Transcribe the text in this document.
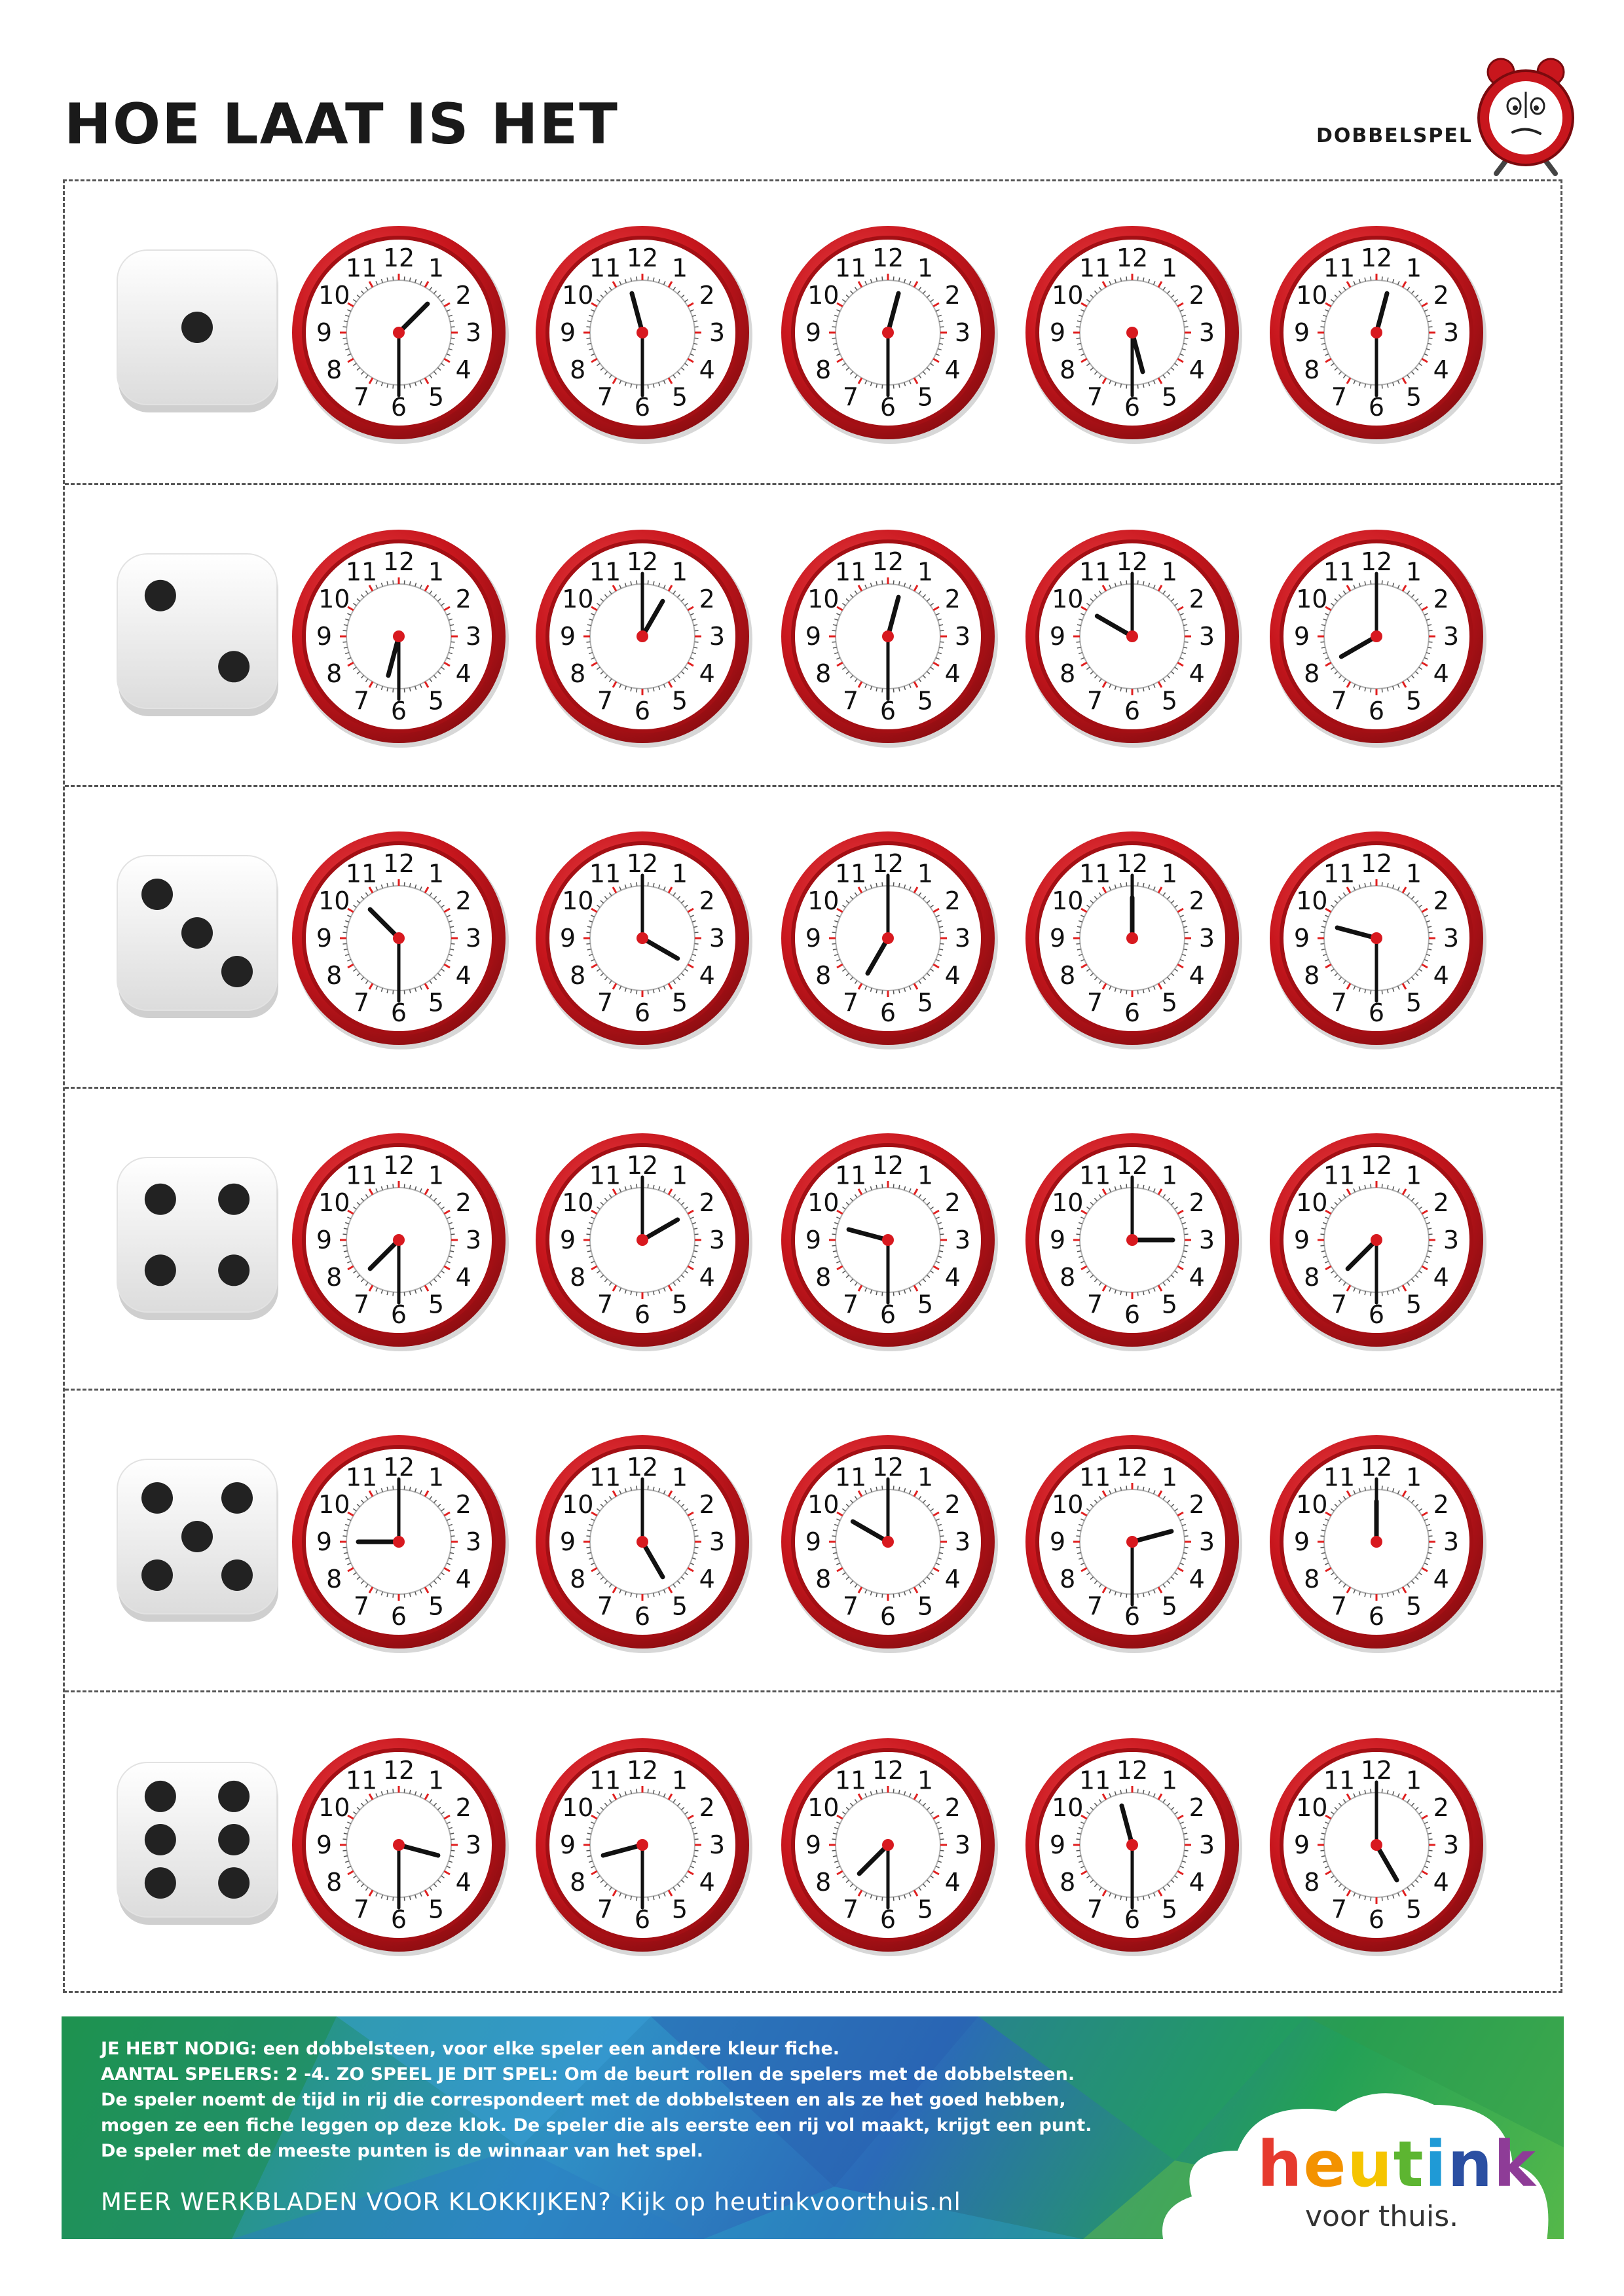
HOE LAAT IS HET	DOBBELSPEL
12 1
2
3
4
5
6
7
8
9
10
11	12 1
2
3
4
5
6
7
8
9
10
11	12 1
2
3
4
5
6
7
8
9
10
11	12 1
2
3
4
5
6
7
8
9
10
11	12 1
2
3
4
5
6
7
8
9
10
11
12 1
2
3
4
5
6
7
8
9
10
11	12 1
2
3
4
5
6
7
8
9
10
11	12 1
2
3
4
5
6
7
8
9
10
11	12 1
2
3
4
5
6
7
8
9
10
11	12 1
2
3
4
5
6
7
8
9
10
11
12 1
2
3
4
5
6
7
8
9
10
11	12 1
2
3
4
5
6
7
8
9
10
11	12 1
2
3
4
5
6
7
8
9
10
11	12 1
2
3
4
5
6
7
8
9
10
11	12 1
2
3
4
5
6
7
8
9
10
11
12 1
2
3
4
5
6
7
8
9
10
11	12 1
2
3
4
5
6
7
8
9
10
11	12 1
2
3
4
5
6
7
8
9
10
11	12 1
2
3
4
5
6
7
8
9
10
11	12 1
2
3
4
5
6
7
8
9
10
11
12 1
2
3
4
5
6
7
8
9
10
11	12 1
2
3
4
5
6
7
8
9
10
11	12 1
2
3
4
5
6
7
8
9
10
11	12 1
2
3
4
5
6
7
8
9
10
11	12 1
2
3
4
5
6
7
8
9
10
11
12 1
2
3
4
5
6
7
8
9
10
11	12 1
2
3
4
5
6
7
8
9
10
11	12 1
2
3
4
5
6
7
8
9
10
11	12 1
2
3
4
5
6
7
8
9
10
11	12 1
2
3
4
5
6
7
8
9
10
11

JE HEBT NODIG: een dobbelsteen, voor elke speler een andere kleur fiche.

AANTAL SPELERS: 2 -4. ZO SPEEL JE DIT SPEL: Om de beurt rollen de spelers met de dobbelsteen.

De speler noemt de tijd in rij die correspondeert met de dobbelsteen en als ze het goed hebben,

mogen ze een fiche leggen op deze klok. De speler die als eerste een rij vol maakt, krijgt een punt.

De speler met de meeste punten is de winnaar van het spel.

MEER WERKBLADEN VOOR KLOKKIJKEN? Kijk op heutinkvoorthuis.nl
heutink
voor thuis.
